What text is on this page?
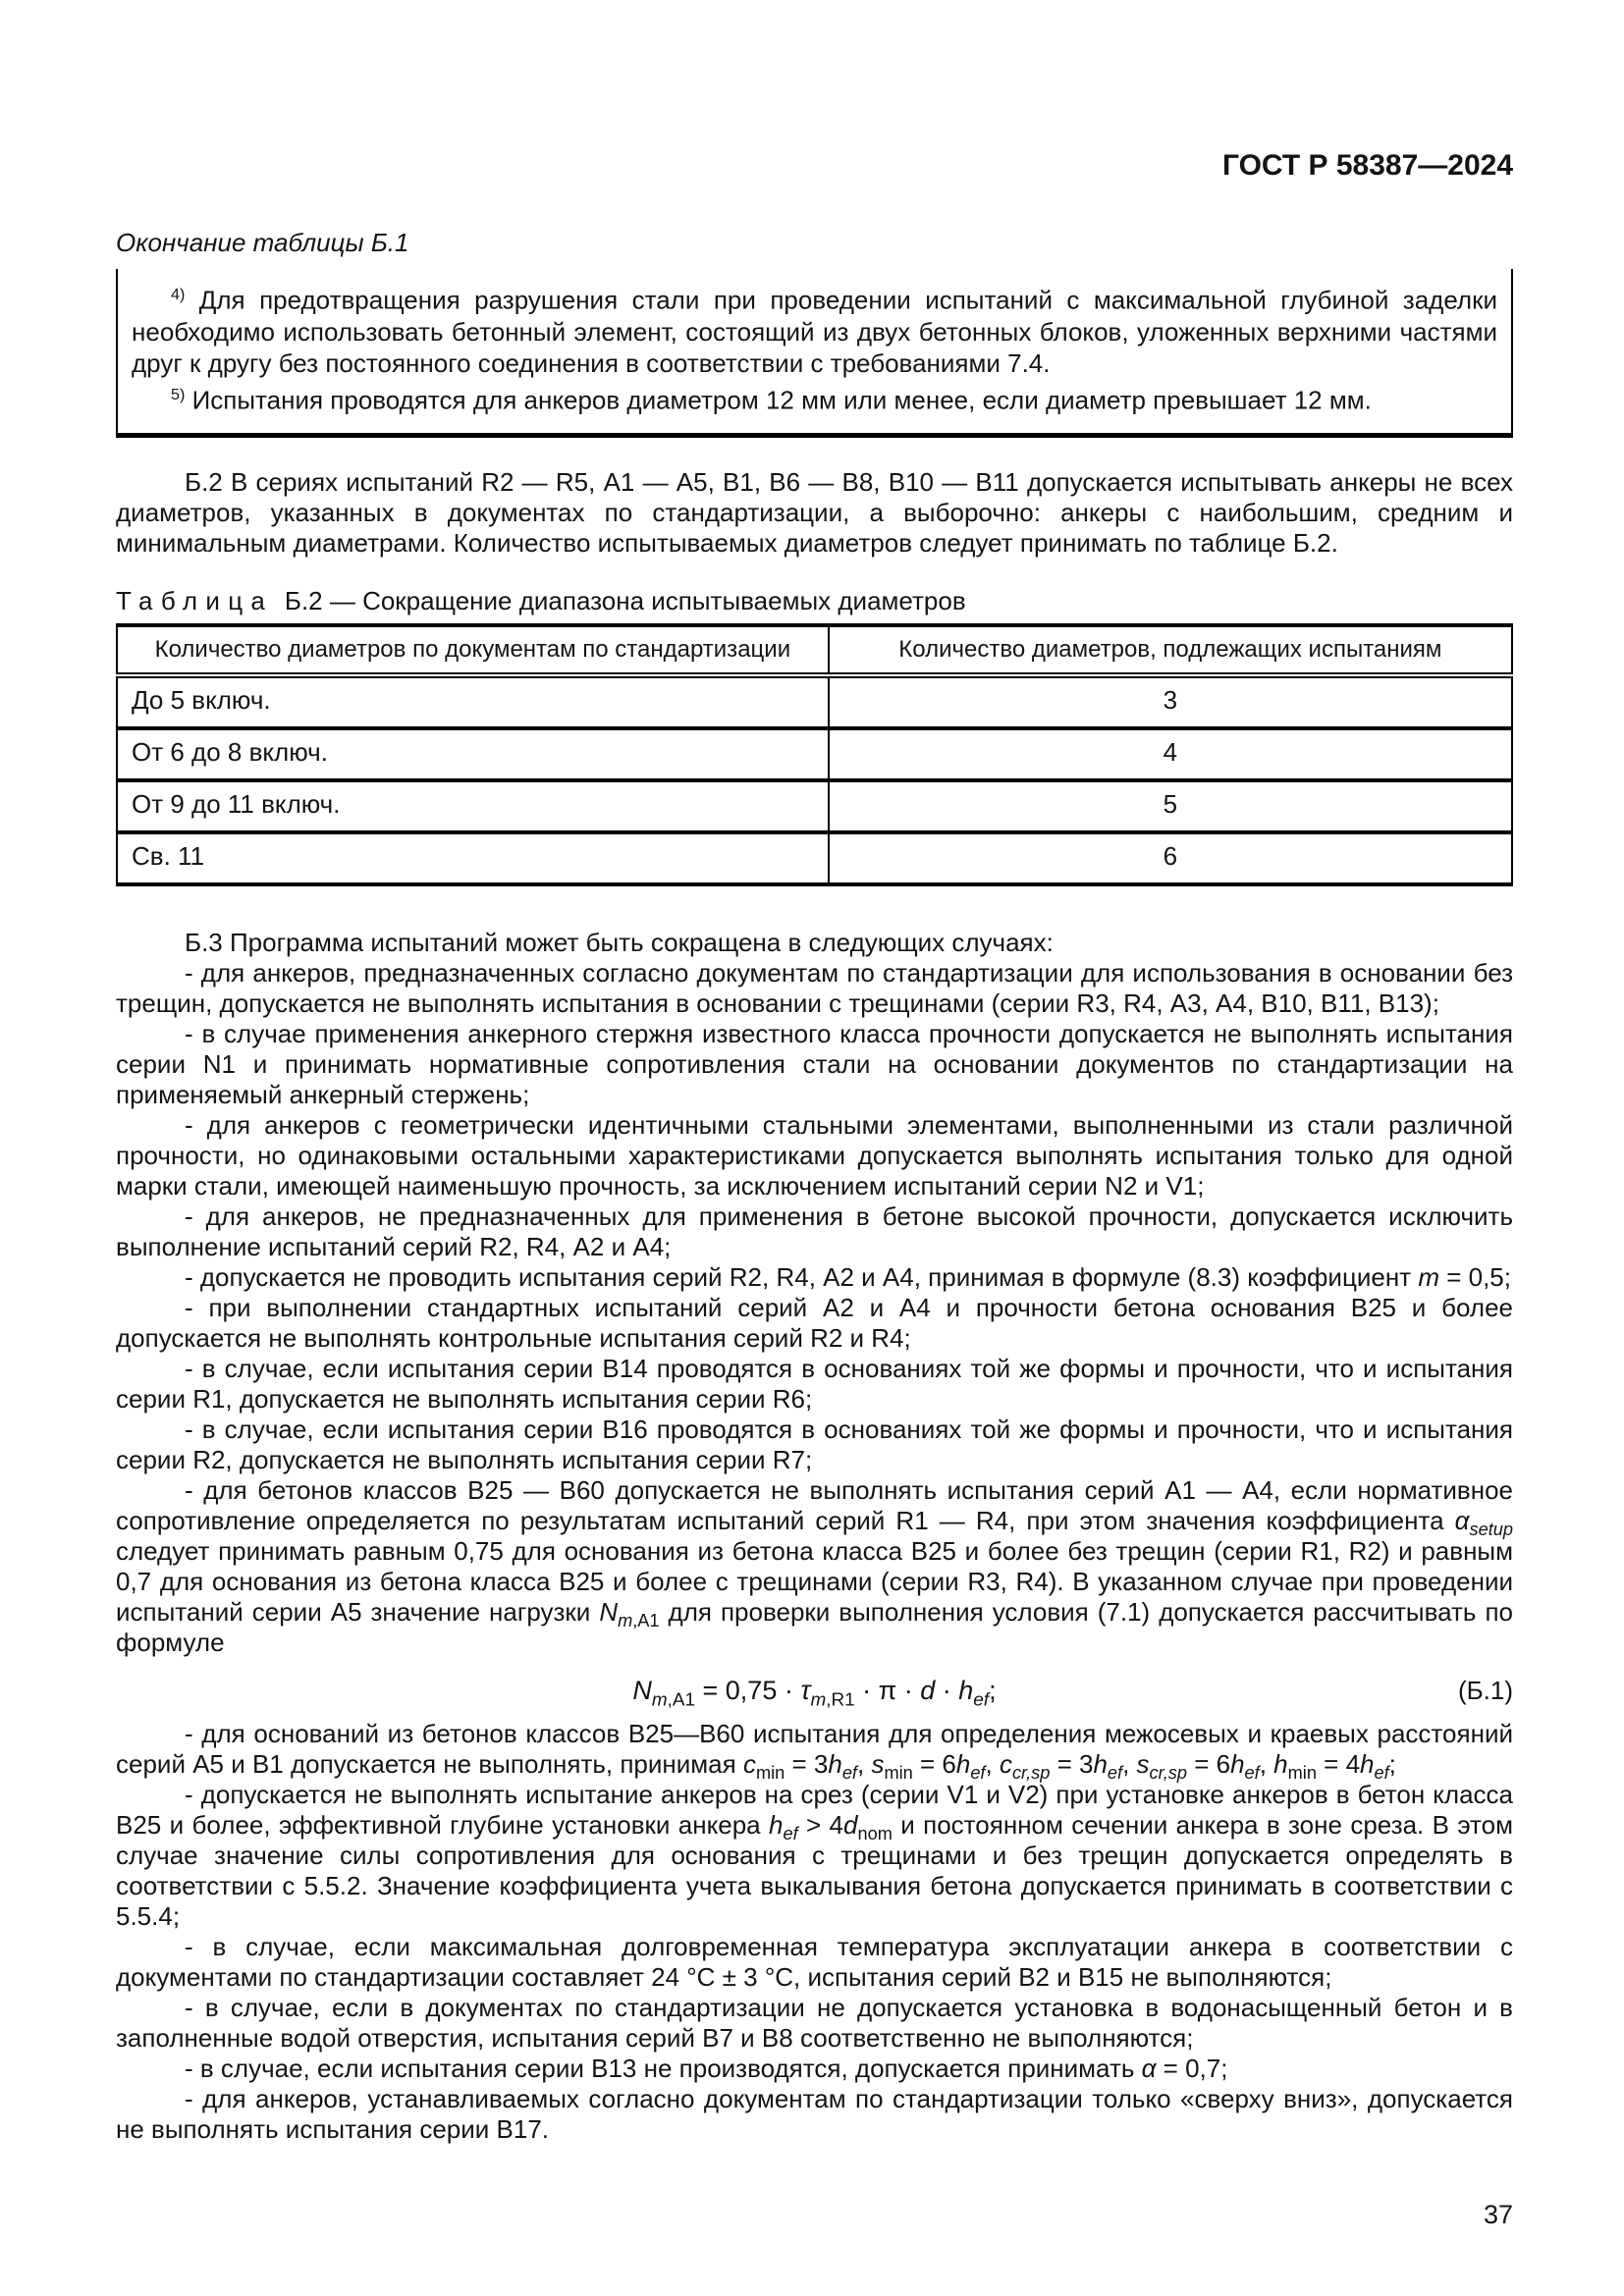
ГОСТ Р 58387—2024

Окончание таблицы Б.1

$^{4)}$ Для предотвращения разрушения стали при проведении испытаний с максимальной глубиной заделки необходимо использовать бетонный элемент, состоящий из двух бетонных блоков, уложенных верхними частями друг к другу без постоянного соединения в соответствии с требованиями 7.4.

$^{5)}$ Испытания проводятся для анкеров диаметром 12 мм или менее, если диаметр превышает 12 мм.

Б.2 В сериях испытаний R2 — R5, А1 — А5, В1, В6 — В8, В10 — В11 допускается испытывать анкеры не всех диаметров, указанных в документах по стандартизации, а выборочно: анкеры с наибольшим, средним и минимальным диаметрами. Количество испытываемых диаметров следует принимать по таблице Б.2.

Таблица Б.2 — Сокращение диапазона испытываемых диаметров

Количество диаметров по документам по стандартизации	Количество диаметров, подлежащих испытаниям
До 5 включ.	3
От 6 до 8 включ.	4
От 9 до 11 включ.	5
Св. 11	6

Б.3 Программа испытаний может быть сокращена в следующих случаях:

- для анкеров, предназначенных согласно документам по стандартизации для использования в основании без трещин, допускается не выполнять испытания в основании с трещинами (серии R3, R4, А3, А4, В10, В11, В13);

- в случае применения анкерного стержня известного класса прочности допускается не выполнять испытания серии N1 и принимать нормативные сопротивления стали на основании документов по стандартизации на применяемый анкерный стержень;

- для анкеров с геометрически идентичными стальными элементами, выполненными из стали различной прочности, но одинаковыми остальными характеристиками допускается выполнять испытания только для одной марки стали, имеющей наименьшую прочность, за исключением испытаний серии N2 и V1;

- для анкеров, не предназначенных для применения в бетоне высокой прочности, допускается исключить выполнение испытаний серий R2, R4, А2 и А4;

- допускается не проводить испытания серий R2, R4, А2 и А4, принимая в формуле (8.3) коэффициент m = 0,5;

- при выполнении стандартных испытаний серий А2 и А4 и прочности бетона основания В25 и более допускается не выполнять контрольные испытания серий R2 и R4;

- в случае, если испытания серии В14 проводятся в основаниях той же формы и прочности, что и испытания серии R1, допускается не выполнять испытания серии R6;

- в случае, если испытания серии В16 проводятся в основаниях той же формы и прочности, что и испытания серии R2, допускается не выполнять испытания серии R7;

- для бетонов классов В25 — В60 допускается не выполнять испытания серий А1 — А4, если нормативное сопротивление определяется по результатам испытаний серий R1 — R4, при этом значения коэффициента $\alpha_{setup}$ следует принимать равным 0,75 для основания из бетона класса В25 и более без трещин (серии R1, R2) и равным 0,7 для основания из бетона класса В25 и более с трещинами (серии R3, R4). В указанном случае при проведении испытаний серии А5 значение нагрузки $N_{m,А1}$ для проверки выполнения условия (7.1) допускается рассчитывать по формуле

$N_{m,А1} = 0,75 \cdot \tau_{m,R1} \cdot \pi \cdot d \cdot h_{ef}$;	(Б.1)

- для оснований из бетонов классов В25—В60 испытания для определения межосевых и краевых расстояний серий А5 и В1 допускается не выполнять, принимая $c_{min} = 3h_{ef}$, $s_{min} = 6h_{ef}$, $c_{cr,sp} = 3h_{ef}$, $s_{cr,sp} = 6h_{ef}$, $h_{min} = 4h_{ef}$;

- допускается не выполнять испытание анкеров на срез (серии V1 и V2) при установке анкеров в бетон класса В25 и более, эффективной глубине установки анкера $h_{ef} > 4d_{nom}$ и постоянном сечении анкера в зоне среза. В этом случае значение силы сопротивления для основания с трещинами и без трещин допускается определять в соответствии с 5.5.2. Значение коэффициента учета выкалывания бетона допускается принимать в соответствии с 5.5.4;

- в случае, если максимальная долговременная температура эксплуатации анкера в соответствии с документами по стандартизации составляет 24 °C ± 3 °C, испытания серий В2 и В15 не выполняются;

- в случае, если в документах по стандартизации не допускается установка в водонасыщенный бетон и в заполненные водой отверстия, испытания серий В7 и В8 соответственно не выполняются;

- в случае, если испытания серии В13 не производятся, допускается принимать α = 0,7;

- для анкеров, устанавливаемых согласно документам по стандартизации только «сверху вниз», допускается не выполнять испытания серии В17.

37
